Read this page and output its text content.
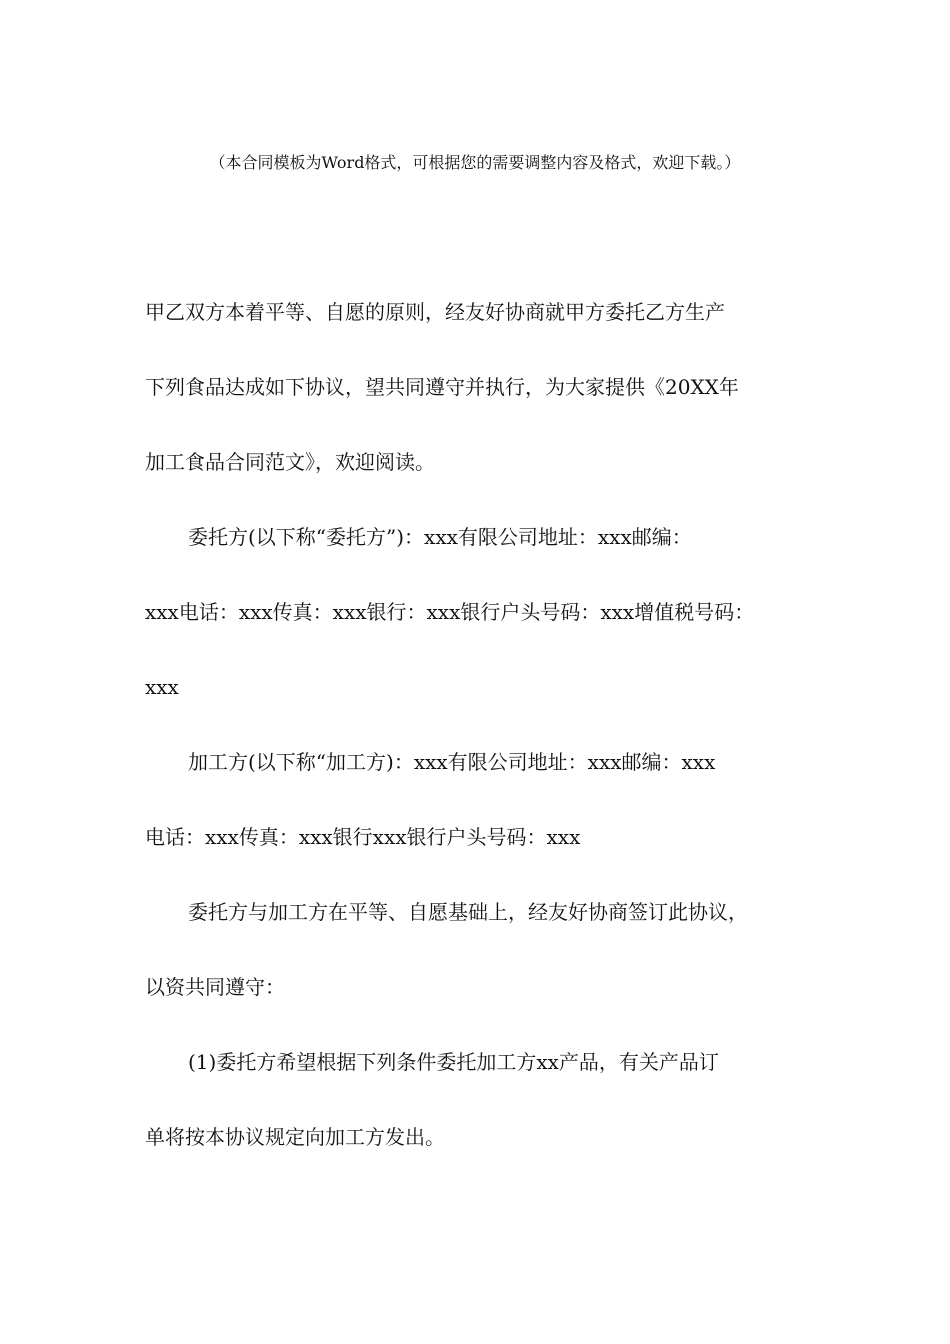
（本合同模板为Word格式，可根据您的需要调整内容及格式，欢迎下载。）
甲乙双方本着平等、自愿的原则，经友好协商就甲方委托乙方生产
下列食品达成如下协议，望共同遵守并执行，为大家提供《20XX年
加工食品合同范文》，欢迎阅读。
委托方(以下称“委托方”)：xxx有限公司地址：xxx邮编：
xxx电话：xxx传真：xxx银行：xxx银行户头号码：xxx增值税号码：
xxx
加工方(以下称“加工方)：xxx有限公司地址：xxx邮编：xxx
电话：xxx传真：xxx银行xxx银行户头号码：xxx
委托方与加工方在平等、自愿基础上，经友好协商签订此协议，
以资共同遵守：
(1)委托方希望根据下列条件委托加工方xx产品，有关产品订
单将按本协议规定向加工方发出。
